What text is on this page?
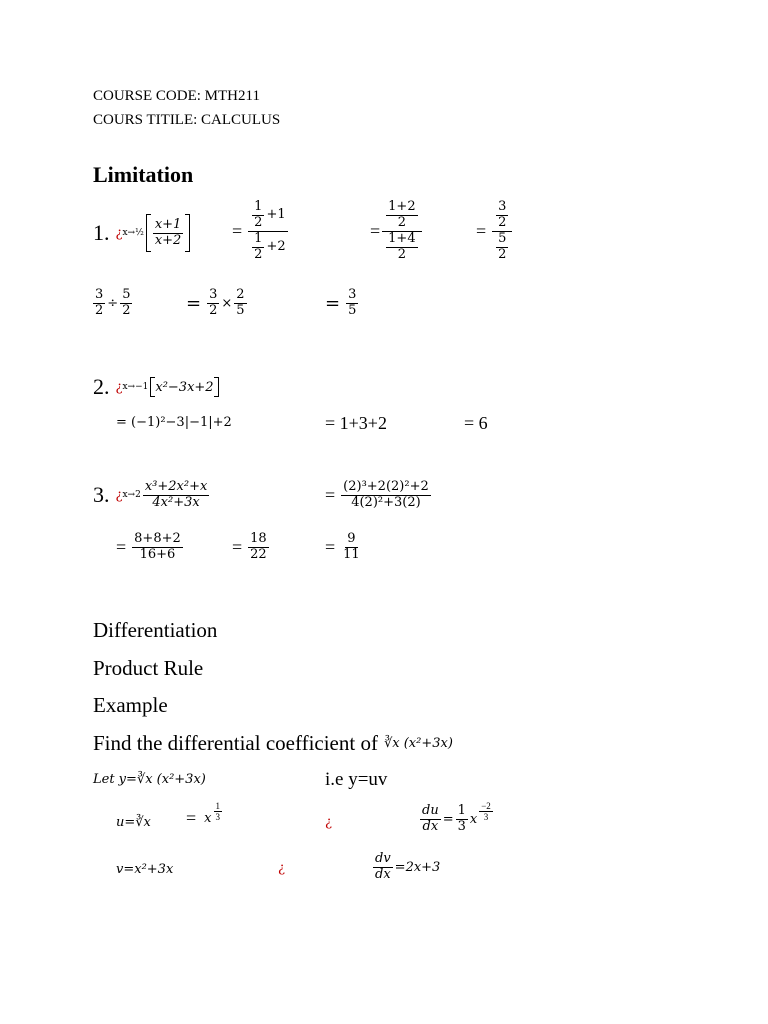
COURSE CODE: MTH211
COURS TITILE: CALCULUS
Limitation
1. ¿ x→½ $\frac{x+1}{x+2}$	= $\frac{\frac{1}{2} +1}{\frac{1}{2} +2}$	= $\frac{\frac{1+2}{2}}{\frac{1+4}{2}}$	= $\frac{\frac{3}{2}}{\frac{5}{2}}$
$\frac{3}{2} \div \frac{5}{2}$	= $\frac{3}{2} \times \frac{2}{5}$	= $\frac{3}{5}$
2. ¿ x→−1 x²−3x+2
= (−1)²−3|−1|+2	= 1+3+2	= 6
3. ¿ $x\to 2 \frac{\text{x³+2x²+x}}{\text{4x²+3x}}$	= $\frac{\text{(2)³+2(2)²+2}}{\text{4(2)²+3(2)}}$
= $\frac{8+8+2}{16+6}$	= $\frac{18}{22}$	= $\frac{9}{11}$
Differentiation
Product Rule
Example
Find the differential coefficient of ∛x (x²+3x)
Let y=∛x (x²+3x)	i.e y=uv
u=∛x = x $\frac{1}{3}$
¿	$\frac{du}{dx} = \frac{1}{3}$ x $\frac{-2}{3}$
v=x²+3x	¿	$\frac{dv}{dx} =2x+3$
